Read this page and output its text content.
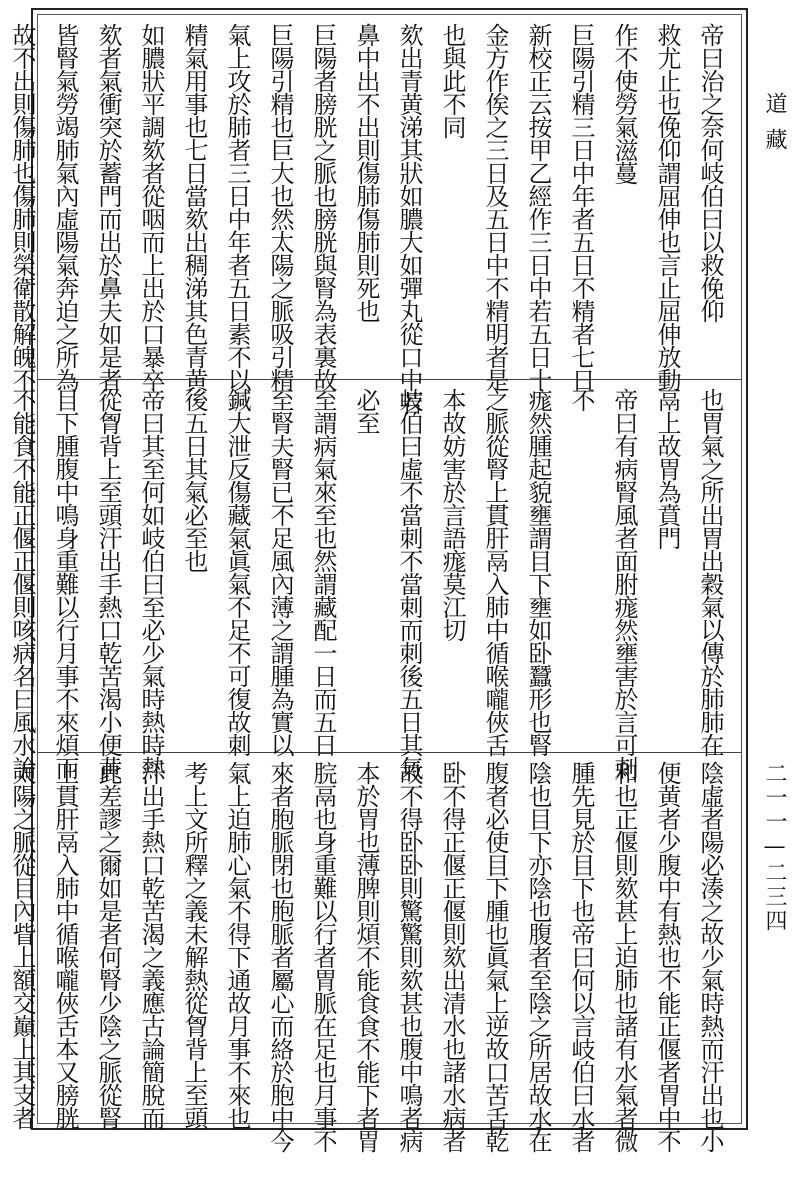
帝曰治之奈何岐伯曰以救俛仰
救尤止也俛仰謂屈伸也言止屈伸放動
作不使勞氣滋蔓
巨陽引精三日中年者五日不精者七日
新校正云按甲乙經作三日中若五日十
金方作俟之三日及五日中不精明者是
也與此不同
欬出青黄涕其狀如膿大如彈丸從口中若
鼻中出不出則傷肺傷肺則死也
巨陽者膀胱之脈也膀胱與腎為表裏故
巨陽引精也巨大也然太陽之脈吸引精
氣上攻於肺者三日中年者五日素不以
精氣用事也七日當欬出稠涕其色青黄
如膿狀平調欬者從咽而上出於口暴卒
欬者氣衝突於蓄門而出於鼻夫如是者
皆腎氣勞竭肺氣內虛陽氣奔迫之所為
故不出則傷肺也傷肺則榮衛散解魄不
也胃氣之所出胃出穀氣以傳於肺肺在
鬲上故胃為賁門
帝曰有病腎風者面胕痝然壅害於言可刺
不
痝然腫起貌壅謂目下壅如卧蠶形也腎
之脈從腎上貫肝鬲入肺中循喉嚨俠舌
本故妨害於言語痝莫江切
岐伯曰虛不當刺不當刺而刺後五日其氣
必至
至謂病氣來至也然謂藏配一日而五日
至腎夫腎已不足風內薄之謂腫為實以
鍼大泄反傷藏氣眞氣不足不可復故刺
後五日其氣必至也
帝曰其至何如岐伯曰至必少氣時熱時熱
從胷背上至頭汗出手熱口乾苦渴小便黄
目下腫腹中鳴身重難以行月事不來煩而
不能食不能正偃正偃則咳病名曰風水論
陰虛者陽必湊之故少氣時熱而汗出也小
便黄者少腹中有熱也不能正偃者胃中不
和也正偃則欬甚上迫肺也諸有水氣者微
腫先見於目下也帝曰何以言岐伯曰水者
陰也目下亦陰也腹者至陰之所居故水在
腹者必使目下腫也眞氣上逆故口苦舌乾
卧不得正偃正偃則欬出清水也諸水病者
故不得卧卧則驚驚則欬甚也腹中鳴者病
本於胃也薄脾則煩不能食食不能下者胃
脘鬲也身重難以行者胃脈在足也月事不
來者胞脈閉也胞脈者屬心而絡於胞中今
氣上迫肺心氣不得下通故月事不來也
考上文所釋之義未解熱從胷背上至頭
汗出手熱口乾苦渴之義應古論簡脫而
此差謬之爾如是者何腎少陰之脈從腎
上貫肝鬲入肺中循喉嚨俠舌本又膀胱
太陽之脈從目內眥上額交巔上其支者
道藏
二一一—二三四
